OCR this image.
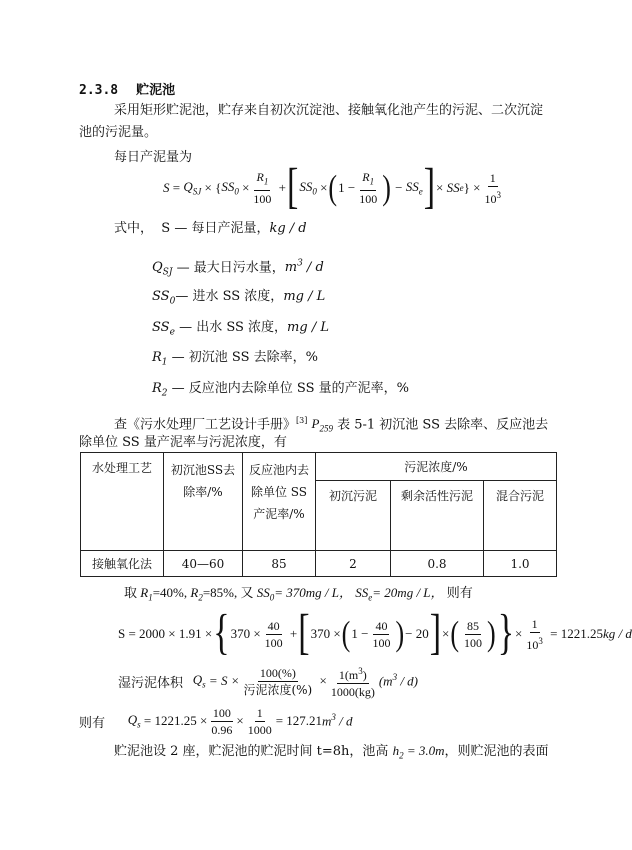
2.3.8 贮泥池
采用矩形贮泥池，贮存来自初次沉淀池、接触氧化池产生的污泥、二次沉淀
池的污泥量。
每日产泥量为
$S = Q_{SJ}$ × { $SS_0 \times \frac{R_1}{100}$ + [ $SS_0$ × ( $1 - \frac{R_1}{100}$ ) − $SS_e$ ] × SS e } × $\frac{1}{10^3}$
式中， S — 每日产泥量，kg / d
$Q_{SJ}$ — 最大日污水量，$m^3$ / d
$SS_0—$ 进水 SS 浓度，mg / L
$SS_e$ — 出水 SS 浓度，mg / L
$R_1$ — 初沉池 SS 去除率，%
$R_2$ — 反应池内去除单位 SS 量的产泥率，%
查《污水处理厂工艺设计手册》[3] $P_{259}$ 表 5-1 初沉池 SS 去除率、反应池去
除单位 SS 量产泥率与污泥浓度，有
水处理工艺	初沉池SS去除率/%	反应池内去除单位 SS产泥率/%	污泥浓度/%		
			初沉污泥	剩余活性污泥	混合污泥
接触氧化法	40—60	85	2	0.8	1.0
取 $R_1=40\%$, $R_2=85\%$, 又 $SS_0= 370mg / L$， $SS_e= 20mg / L$， 则有
S = 2000 × 1.91 × { $370 \times \frac{40}{100}$ + [ 370 × ( $1 - \frac{40}{100}$ ) − 20 ] × ( $\frac{85}{100}$ ) } × $\frac{1}{10^3}$
= 1221.25 kg / d
湿污泥体积
$Q_s$
= $S \times \frac{100(\%)}{\text{污泥浓度(\%)}} \times \frac{1(m^3)}{1000(kg)} (m^3 / d)$
则有
$Q_s$
= $1221.25 \times \frac{100}{0.96} \times \frac{1}{1000} = 127.21$ $m^3$ / d
贮泥池设 2 座，贮泥池的贮泥时间 t=8h，池高 $h_2 = 3.0m$，则贮泥池的表面
